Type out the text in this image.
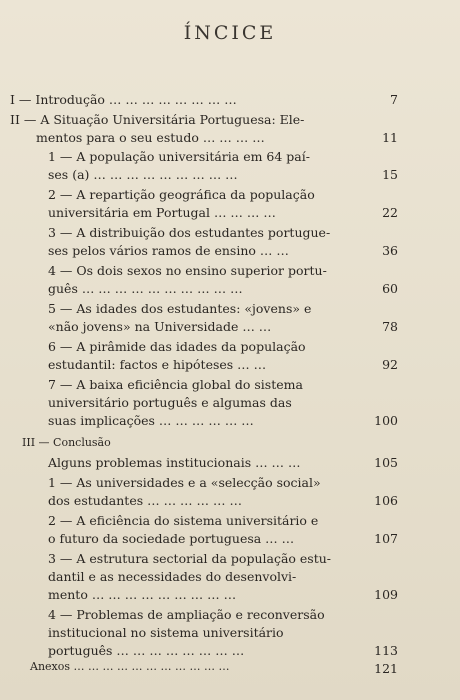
ÍNCICE
I — Introdução … … … … … … … …
II — A Situação Universitária Portuguesa: Ele-
mentos para o seu estudo … … … …
1 — A população universitária em 64 paí-
ses (a) … … … … … … … … …
2 — A repartição geográfica da população
universitária em Portugal … … … …
3 — A distribuição dos estudantes portugue-
ses pelos vários ramos de ensino … …
4 — Os dois sexos no ensino superior portu-
guês … … … … … … … … … …
5 — As idades dos estudantes: «jovens» e
«não jovens» na Universidade … …
6 — A pirâmide das idades da população
estudantil: factos e hipóteses … …
7 — A baixa eficiência global do sistema
universitário português e algumas das
suas implicações … … … … … …
III — Conclusão
Alguns problemas institucionais … … …
1 — As universidades e a «selecção social»
dos estudantes … … … … … …
2 — A eficiência do sistema universitário e
o futuro da sociedade portuguesa … …
3 — A estrutura sectorial da população estu-
dantil e as necessidades do desenvolvi-
mento … … … … … … … … …
4 — Problemas de ampliação e reconversão
institucional no sistema universitário
português … … … … … … … …
Anexos … … … … … … … … … … …
7
11
15
22
36
60
78
92
100
105
106
107
109
113
121
